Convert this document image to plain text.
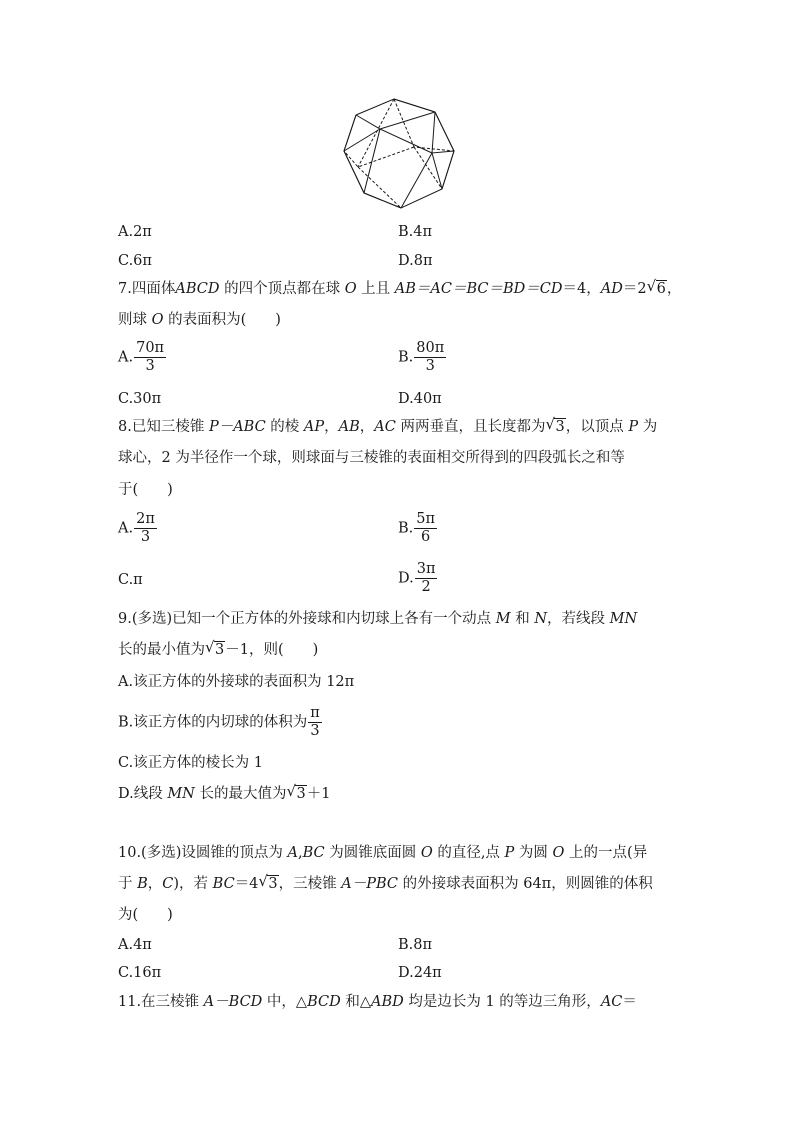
A.2π	B.4π
C.6π	D.8π
7.四面体ABCD 的四个顶点都在球 O 上且 AB＝AC＝BC＝BD＝CD＝4，AD＝2 √ 6，
则球 O 的表面积为(　　)
A. $\frac{70\pi}{3}$	B. $\frac{80\pi}{3}$
C.30π	D.40π
8.已知三棱锥 P－ABC 的棱 AP，AB，AC 两两垂直，且长度都为 √ 3，以顶点 P 为
球心，2 为半径作一个球，则球面与三棱锥的表面相交所得到的四段弧长之和等
于(　　)
A. $\frac{2\pi}{3}$	B. $\frac{5\pi}{6}$
C.π	D. $\frac{3\pi}{2}$
9.(多选)已知一个正方体的外接球和内切球上各有一个动点 M 和 N，若线段 MN
长的最小值为 √ 3－1，则(　　)
A.该正方体的外接球的表面积为 12π
B.该正方体的内切球的体积为 $\frac{\pi}{3}$
C.该正方体的棱长为 1
D.线段 MN 长的最大值为 √ 3＋1
10.(多选)设圆锥的顶点为 A,BC 为圆锥底面圆 O 的直径,点 P 为圆 O 上的一点(异
于 B，C)，若 BC＝4 √ 3，三棱锥 A－PBC 的外接球表面积为 64π，则圆锥的体积
为(　　)
A.4π	B.8π
C.16π	D.24π
11.在三棱锥 A－BCD 中，△BCD 和△ABD 均是边长为 1 的等边三角形，AC＝
